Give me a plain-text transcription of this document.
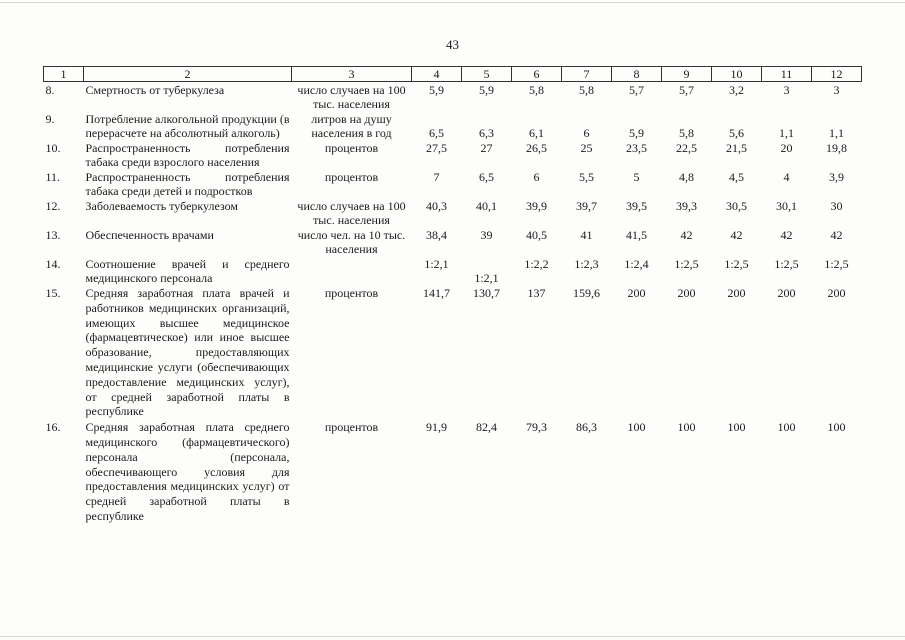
43
1	2	3	4	5	6	7	8	9	10	11	12
8.	Смертность от туберкулеза	число случаев на 100 тыс. населения	5,9	5,9	5,8	5,8	5,7	5,7	3,2	3	3
9.	Потребление алкогольной продукции (в перерасчете на абсолютный алкоголь)	литров на душу населения в год	6,5	6,3	6,1	6	5,9	5,8	5,6	1,1	1,1
10.	Распространенность потребления табака среди взрослого населения	процентов	27,5	27	26,5	25	23,5	22,5	21,5	20	19,8
11.	Распространенность потребления табака среди детей и подростков	процентов	7	6,5	6	5,5	5	4,8	4,5	4	3,9
12.	Заболеваемость туберкулезом	число случаев на 100 тыс. населения	40,3	40,1	39,9	39,7	39,5	39,3	30,5	30,1	30
13.	Обеспеченность врачами	число чел. на 10 тыс. населения	38,4	39	40,5	41	41,5	42	42	42	42
14.	Соотношение врачей и среднего медицинского персонала		1:2,1	1:2,1	1:2,2	1:2,3	1:2,4	1:2,5	1:2,5	1:2,5	1:2,5
15.	Средняя заработная плата врачей и работников медицинских организаций, имеющих высшее медицинское (фармацевтическое) или иное высшее образование, предоставляющих медицинские услуги (обеспечивающих предоставление медицинских услуг), от средней заработной платы в республике	процентов	141,7	130,7	137	159,6	200	200	200	200	200
16.	Средняя заработная плата среднего медицинского (фармацевтического) персонала (персонала, обеспечивающего условия для предоставления медицинских услуг) от средней заработной платы в республике	процентов	91,9	82,4	79,3	86,3	100	100	100	100	100
